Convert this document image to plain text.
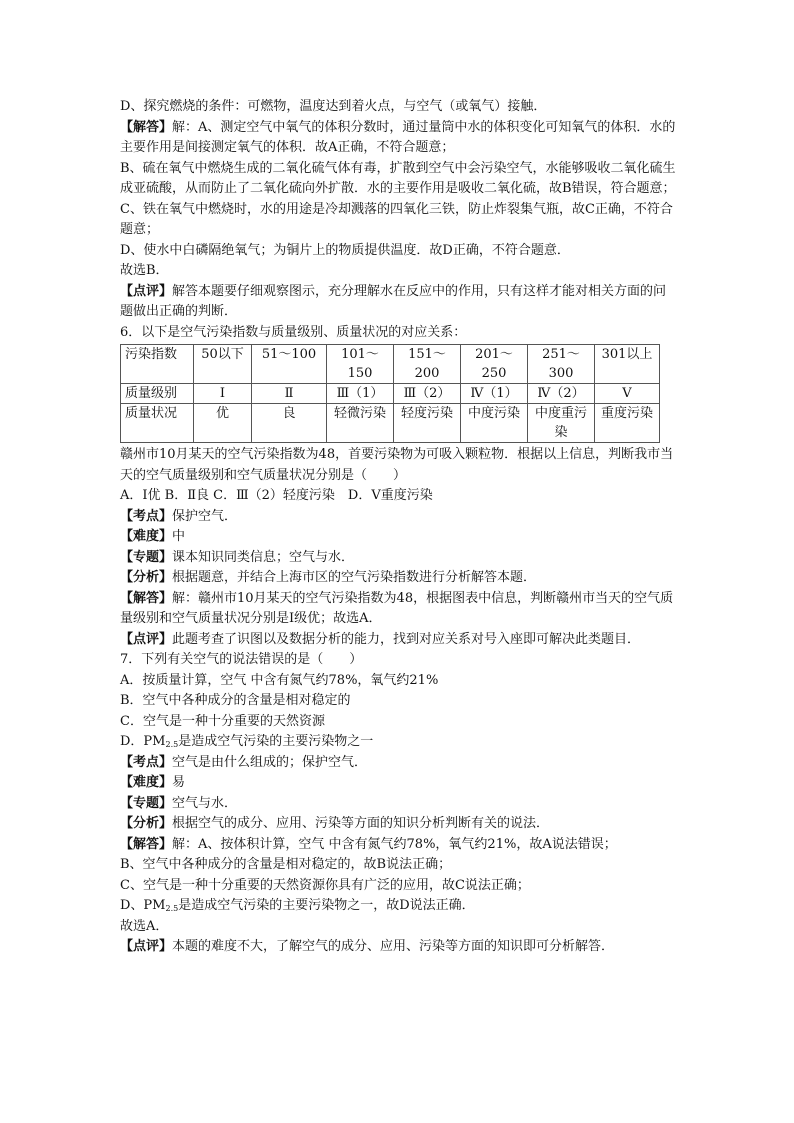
D、探究燃烧的条件：可燃物，温度达到着火点，与空气（或氧气）接触．

【解答】解：A、测定空气中氧气的体积分数时，通过量筒中水的体积变化可知氧气的体积．水的主要作用是间接测定氧气的体积．故A正确，不符合题意；

B、硫在氧气中燃烧生成的二氧化硫气体有毒，扩散到空气中会污染空气，水能够吸收二氧化硫生成亚硫酸，从而防止了二氧化硫向外扩散．水的主要作用是吸收二氧化硫，故B错误，符合题意；

C、铁在氧气中燃烧时，水的用途是冷却溅落的四氧化三铁，防止炸裂集气瓶，故C正确，不符合题意；

D、使水中白磷隔绝氧气；为铜片上的物质提供温度．故D正确，不符合题意．

故选B．

【点评】解答本题要仔细观察图示，充分理解水在反应中的作用，只有这样才能对相关方面的问题做出正确的判断．

6．以下是空气污染指数与质量级别、质量状况的对应关系：

污染指数	50以下	51～100	101～150	151～200	201～250	251～300	301以上
质量级别	Ⅰ	Ⅱ	Ⅲ（1）	Ⅲ（2）	Ⅳ（1）	Ⅳ（2）	Ⅴ
质量状况	优	良	轻微污染	轻度污染	中度污染	中度重污染	重度污染

赣州市10月某天的空气污染指数为48，首要污染物为可吸入颗粒物．根据以上信息，判断我市当天的空气质量级别和空气质量状况分别是（　　）

A．Ⅰ优 B．Ⅱ良 C．Ⅲ（2）轻度污染　D．Ⅴ重度污染

【考点】保护空气．

【难度】中

【专题】课本知识同类信息；空气与水．

【分析】根据题意，并结合上海市区的空气污染指数进行分析解答本题．

【解答】解：赣州市10月某天的空气污染指数为48，根据图表中信息，判断赣州市当天的空气质量级别和空气质量状况分别是Ⅰ级优；故选A．

【点评】此题考查了识图以及数据分析的能力，找到对应关系对号入座即可解决此类题目．

7．下列有关空气的说法错误的是（　　）

A．按质量计算，空气 中含有氮气约78%，氧气约21%

B．空气中各种成分的含量是相对稳定的

C．空气是一种十分重要的天然资源

D．$PM_{2.5}$是造成空气污染的主要污染物之一

【考点】空气是由什么组成的；保护空气．

【难度】易

【专题】空气与水．

【分析】根据空气的成分、应用、污染等方面的知识分析判断有关的说法．

【解答】解：A、按体积计算，空气 中含有氮气约78%，氧气约21%，故A说法错误；

B、空气中各种成分的含量是相对稳定的，故B说法正确；

C、空气是一种十分重要的天然资源你具有广泛的应用，故C说法正确；

D、$PM_{2.5}$是造成空气污染的主要污染物之一，故D说法正确．

故选A．

【点评】本题的难度不大，了解空气的成分、应用、污染等方面的知识即可分析解答．
